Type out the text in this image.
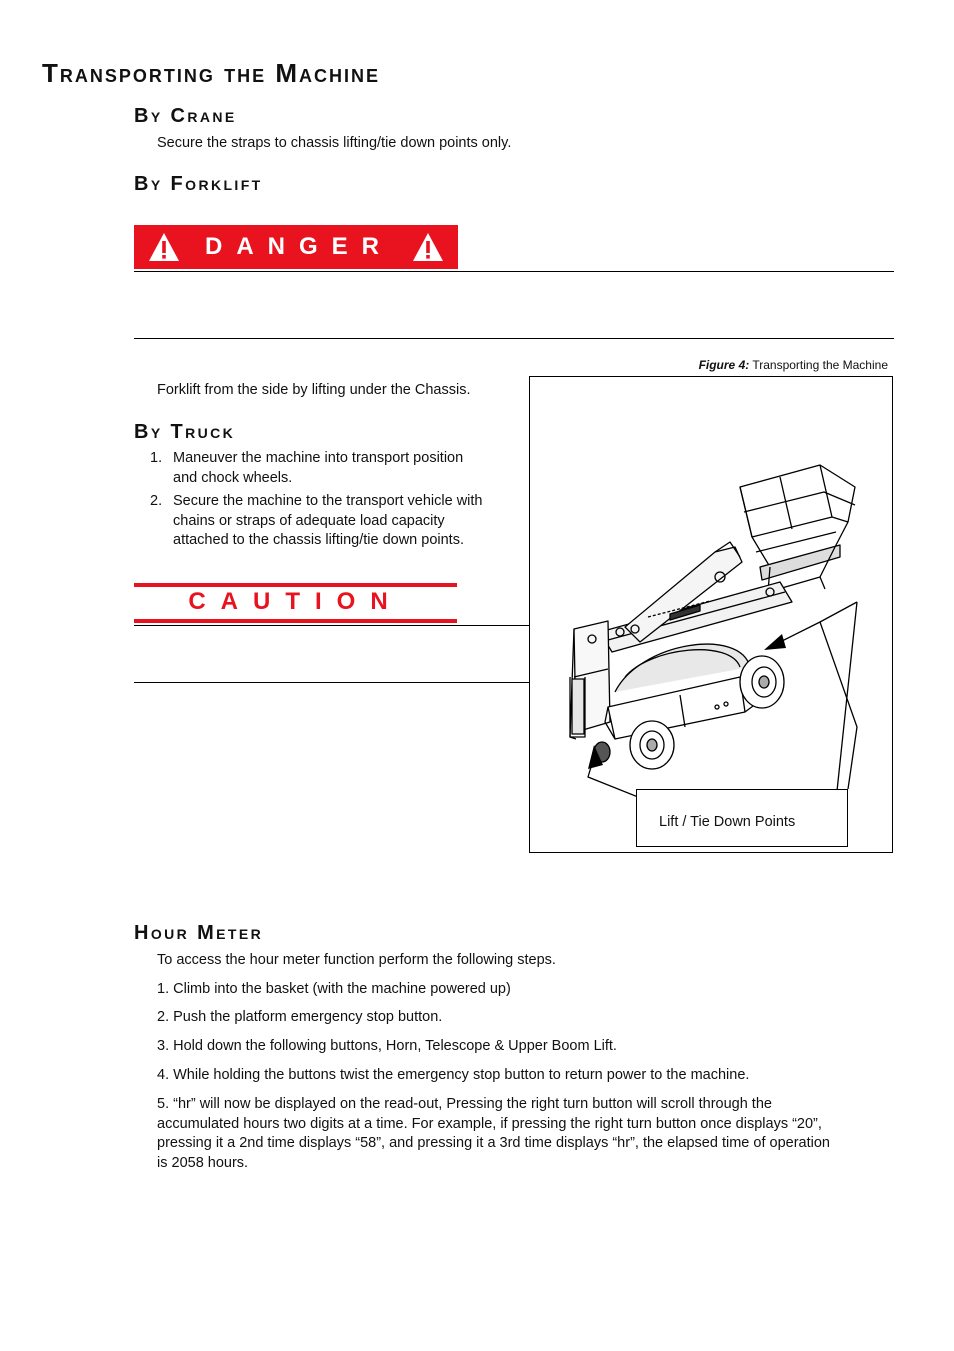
Transporting the Machine
By Crane

Secure the straps to chassis lifting/tie down points only.

By Forklift
DANGER
Figure 4: Transporting the Machine

Forklift from the side by lifting under the Chassis.

By Truck
1. Maneuver the machine into transport position
and chock wheels.
2. Secure the machine to the transport vehicle with
chains or straps of adequate load capacity
attached to the chassis lifting/tie down points.
CAUTION
Lift / Tie Down Points
Hour Meter

To access the hour meter function perform the following steps.

1. Climb into the basket (with the machine powered up)

2. Push the platform emergency stop button.

3. Hold down the following buttons, Horn, Telescope & Upper Boom Lift.

4. While holding the buttons twist the emergency stop button to return power to the machine.

5. “hr” will now be displayed on the read-out, Pressing the right turn button will scroll through the
accumulated hours two digits at a time. For example, if pressing the right turn button once displays “20”,
pressing it a 2nd time displays “58”, and pressing it a 3rd time displays “hr”, the elapsed time of operation
is 2058 hours.
